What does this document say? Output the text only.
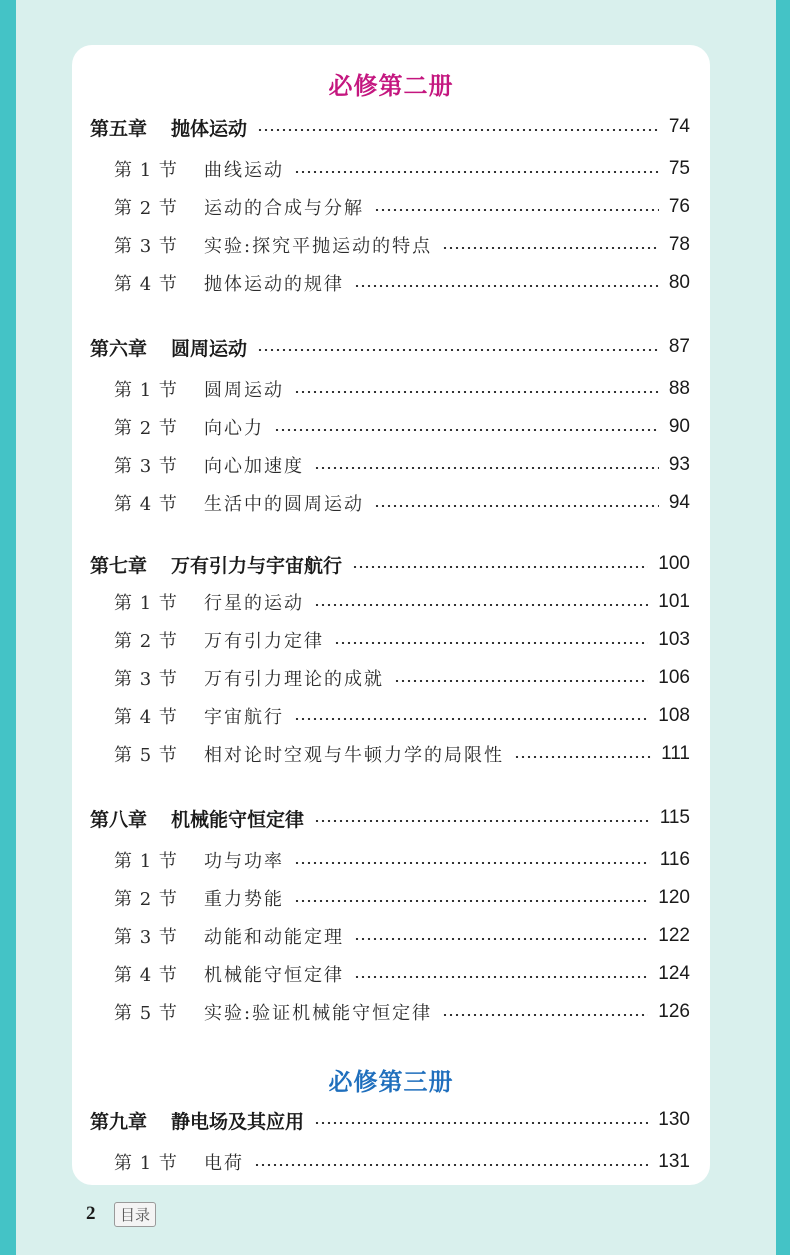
必修第二册
第五章 抛体运动	74
第 1 节	曲线运动	75
第 2 节	运动的合成与分解	76
第 3 节	实验:探究平抛运动的特点	78
第 4 节	抛体运动的规律	80
第六章 圆周运动	87
第 1 节	圆周运动	88
第 2 节	向心力	90
第 3 节	向心加速度	93
第 4 节	生活中的圆周运动	94
第七章 万有引力与宇宙航行	100
第 1 节	行星的运动	101
第 2 节	万有引力定律	103
第 3 节	万有引力理论的成就	106
第 4 节	宇宙航行	108
第 5 节	相对论时空观与牛顿力学的局限性	111
第八章 机械能守恒定律	115
第 1 节	功与功率	116
第 2 节	重力势能	120
第 3 节	动能和动能定理	122
第 4 节	机械能守恒定律	124
第 5 节	实验:验证机械能守恒定律	126
必修第三册
第九章 静电场及其应用	130
第 1 节	电荷	131
2	目录
